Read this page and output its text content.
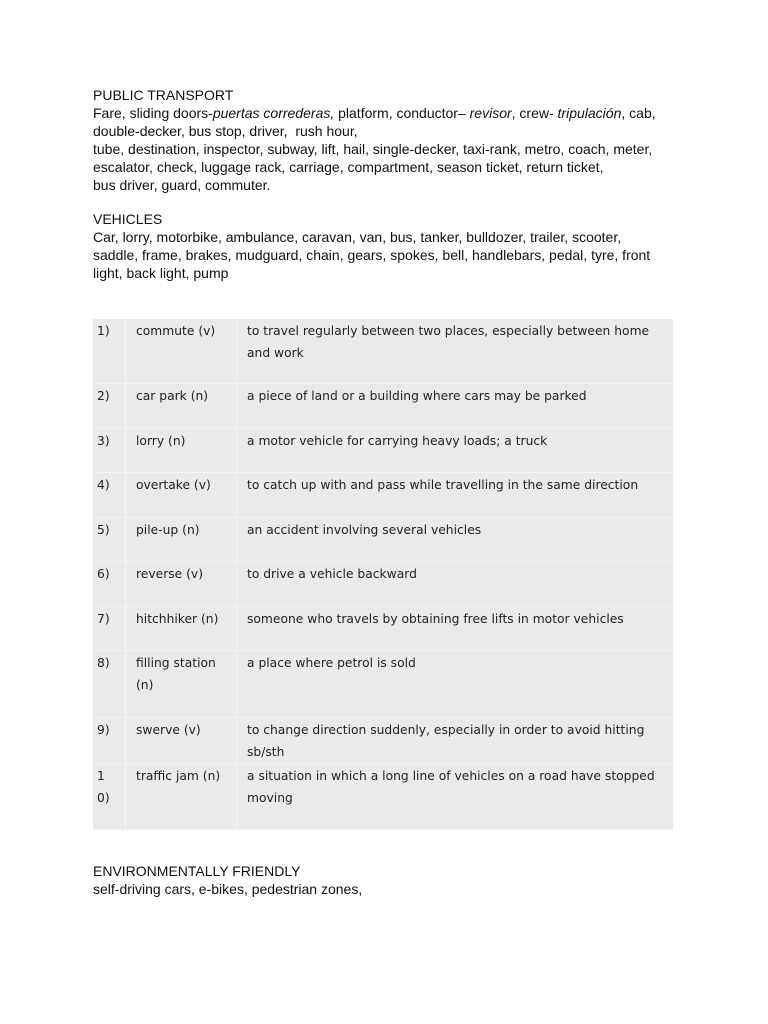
PUBLIC TRANSPORT

Fare, sliding doors-puertas correderas, platform, conductor– revisor, crew- tripulación, cab,

double-decker, bus stop, driver,  rush hour,

tube, destination, inspector, subway, lift, hail, single-decker, taxi-rank, metro, coach, meter,

escalator, check, luggage rack, carriage, compartment, season ticket, return ticket,

bus driver, guard, commuter.

VEHICLES

Car, lorry, motorbike, ambulance, caravan, van, bus, tanker, bulldozer, trailer, scooter,

saddle, frame, brakes, mudguard, chain, gears, spokes, bell, handlebars, pedal, tyre, front

light, back light, pump

1)	commute (v)	to travel regularly between two places, especially between home and work

2)	car park (n)	a piece of land or a building where cars may be parked

3)	lorry (n)	a motor vehicle for carrying heavy loads; a truck

4)	overtake (v)	to catch up with and pass while travelling in the same direction

5)	pile-up (n)	an accident involving several vehicles

6)	reverse (v)	to drive a vehicle backward

7)	hitchhiker (n)	someone who travels by obtaining free lifts in motor vehicles

8)	filling station (n)	a place where petrol is sold

9)	swerve (v)	to change direction suddenly, especially in order to avoid hitting sb/sth

10)	traffic jam (n)	a situation in which a long line of vehicles on a road have stopped moving

ENVIRONMENTALLY FRIENDLY

self-driving cars, e-bikes, pedestrian zones,
